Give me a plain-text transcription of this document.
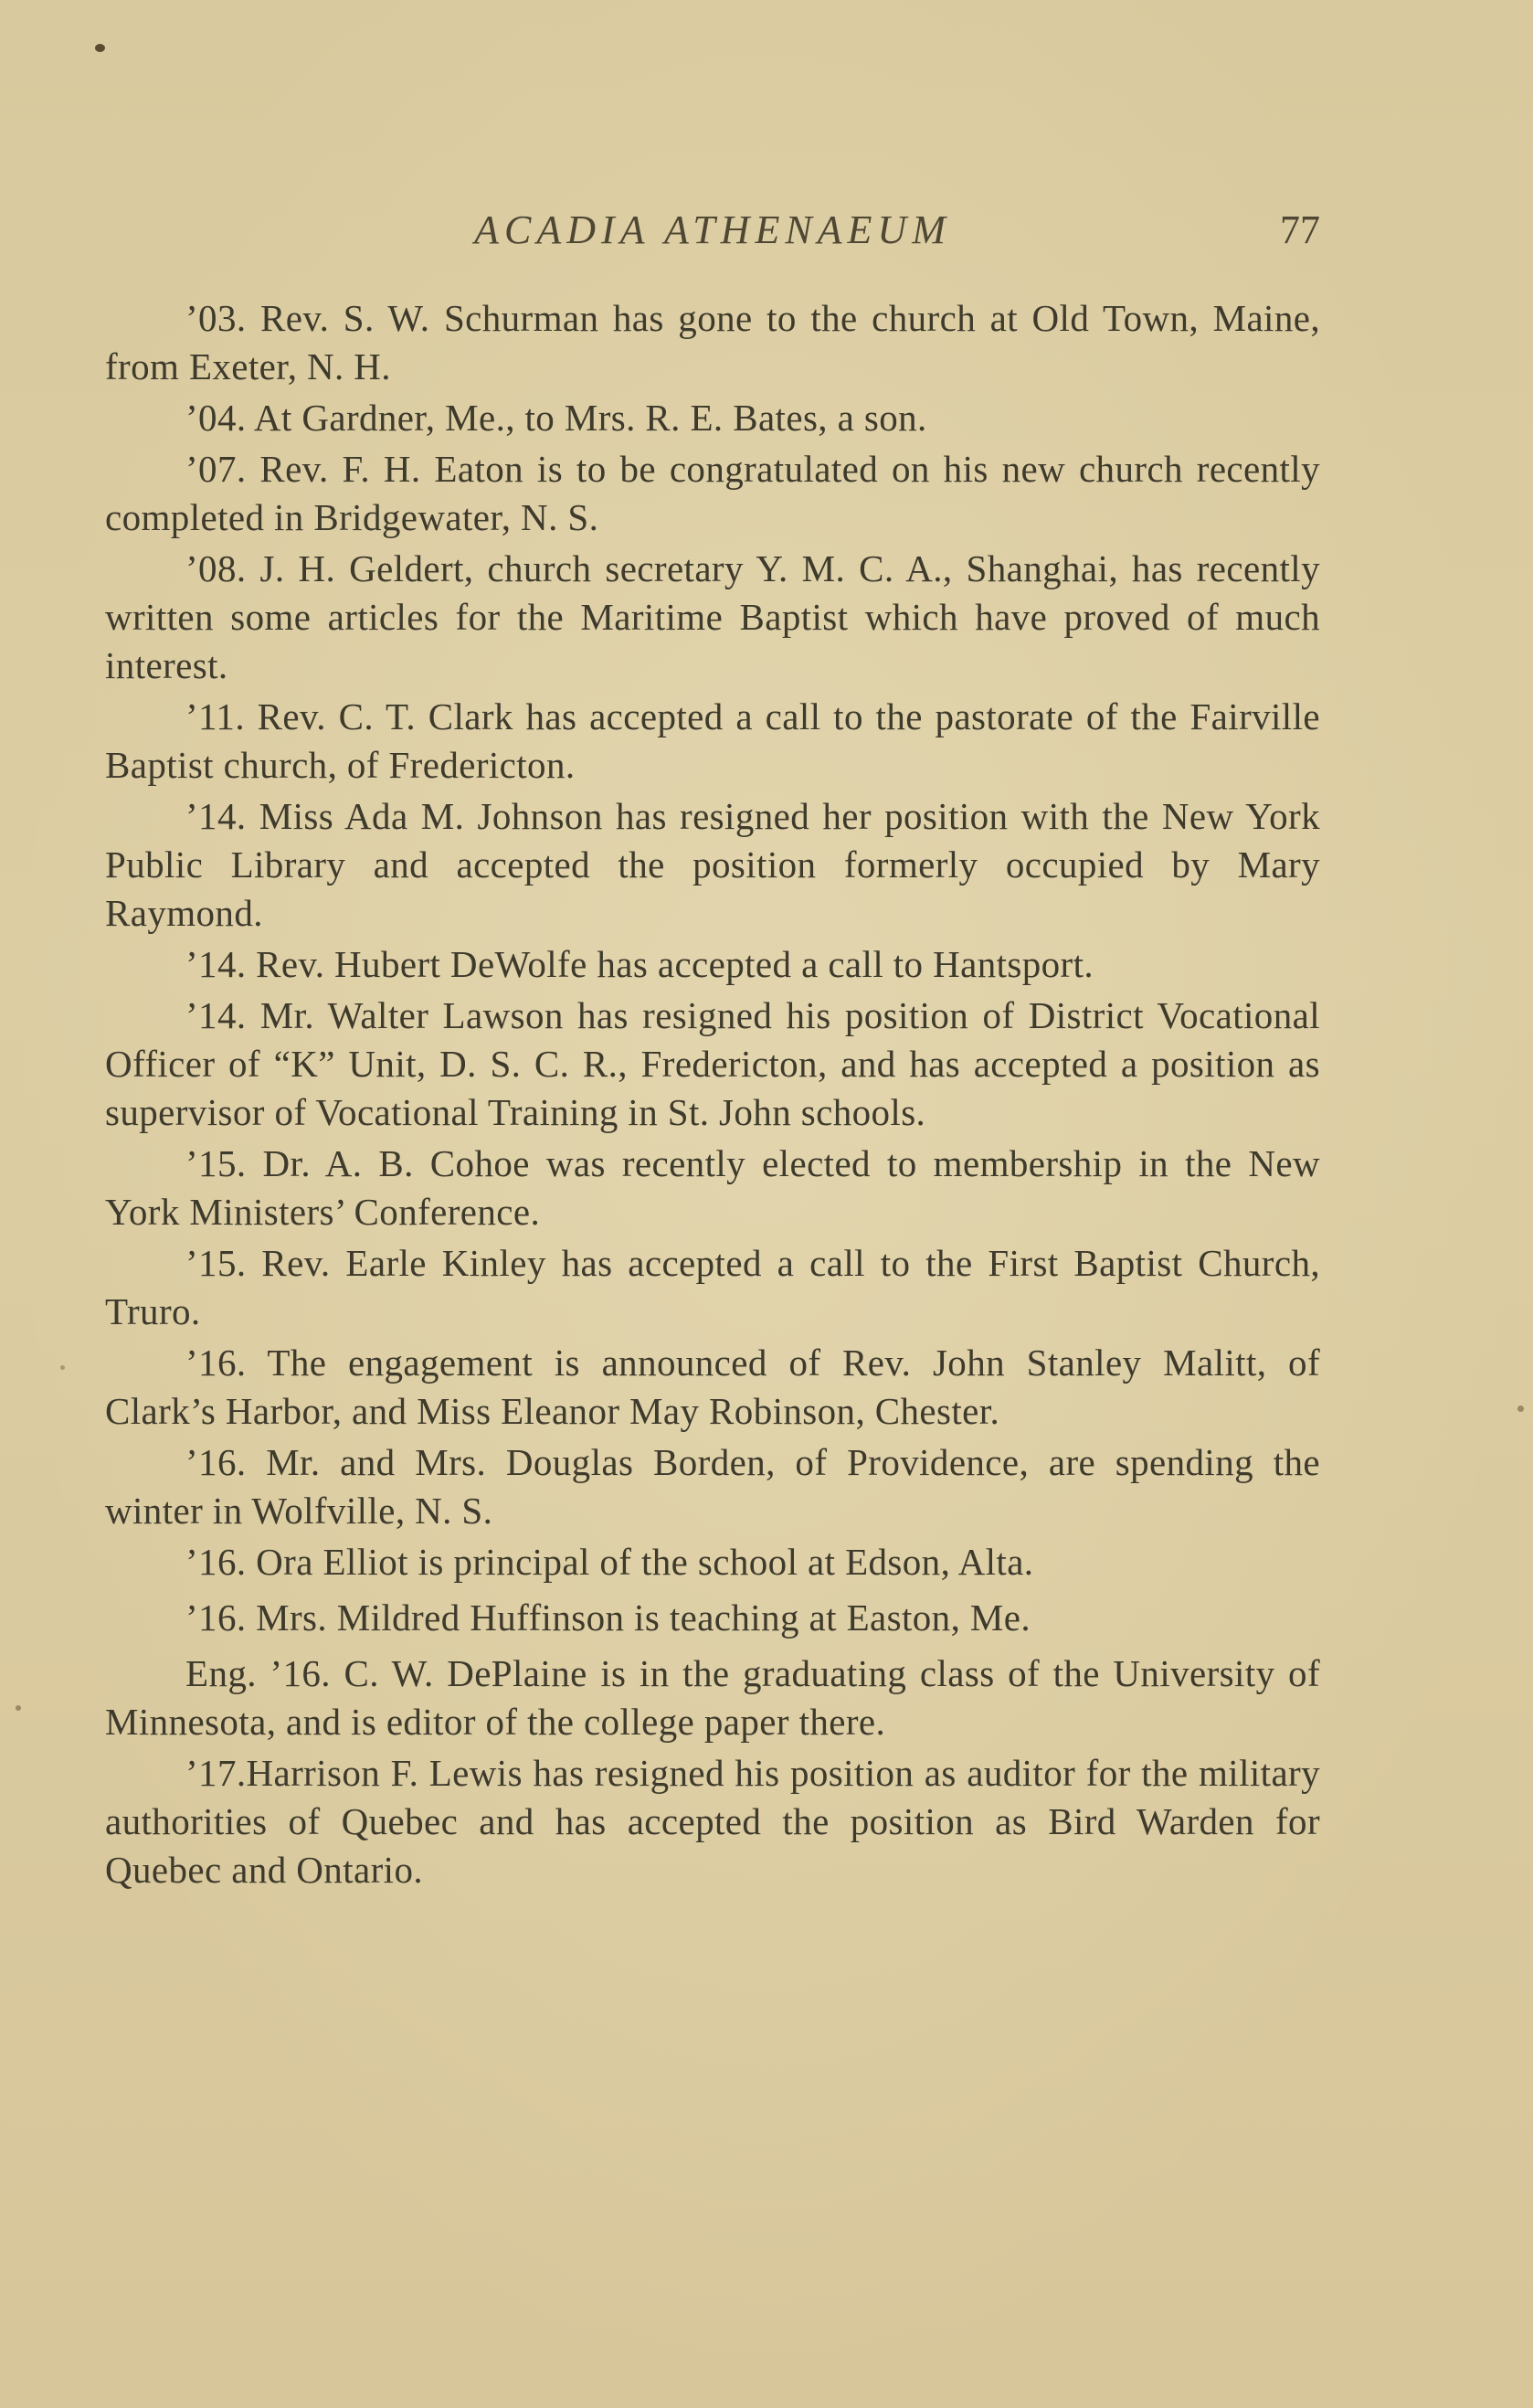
ACADIA ATHENAEUM	77

’03. Rev. S. W. Schurman has gone to the church at Old Town, Maine, from Exeter, N. H.

’04. At Gardner, Me., to Mrs. R. E. Bates, a son.

’07. Rev. F. H. Eaton is to be congratulated on his new church recently completed in Bridgewater, N. S.

’08. J. H. Geldert, church secretary Y. M. C. A., Shanghai, has recently written some articles for the Maritime Baptist which have proved of much interest.

’11. Rev. C. T. Clark has accepted a call to the pastorate of the Fairville Baptist church, of Fredericton.

’14. Miss Ada M. Johnson has resigned her position with the New York Public Library and accepted the position formerly occupied by Mary Raymond.

’14. Rev. Hubert DeWolfe has accepted a call to Hantsport.

’14. Mr. Walter Lawson has resigned his position of District Vocational Officer of “K” Unit, D. S. C. R., Fredericton, and has accepted a position as supervisor of Vocational Training in St. John schools.

’15. Dr. A. B. Cohoe was recently elected to membership in the New York Ministers’ Conference.

’15. Rev. Earle Kinley has accepted a call to the First Baptist Church, Truro.

’16. The engagement is announced of Rev. John Stanley Malitt, of Clark’s Harbor, and Miss Eleanor May Robinson, Chester.

’16. Mr. and Mrs. Douglas Borden, of Providence, are spending the winter in Wolfville, N. S.

’16. Ora Elliot is principal of the school at Edson, Alta.

’16. Mrs. Mildred Huffinson is teaching at Easton, Me.

Eng. ’16. C. W. DePlaine is in the graduating class of the University of Minnesota, and is editor of the college paper there.

’17.Harrison F. Lewis has resigned his position as auditor for the military authorities of Quebec and has accepted the position as Bird Warden for Quebec and Ontario.
